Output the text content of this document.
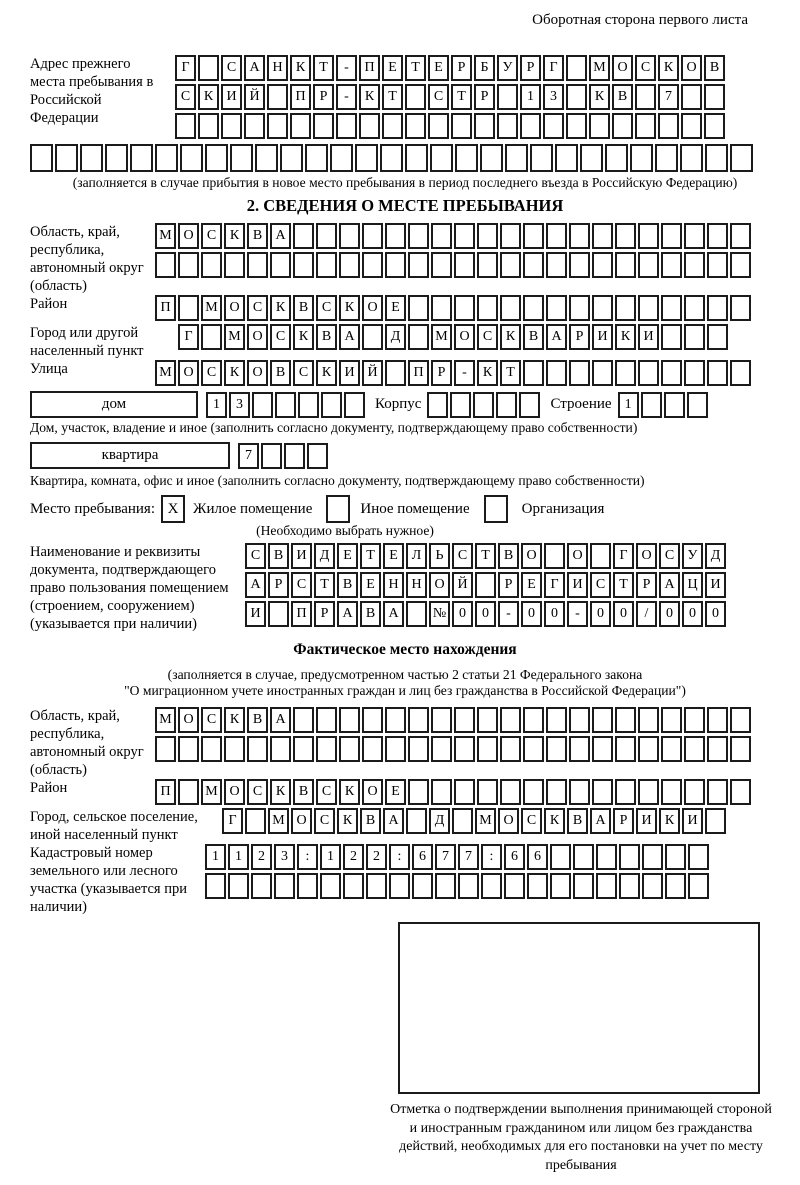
Оборотная сторона первого листа
Адрес прежнего места пребывания в Российской Федерации
Г	С А Н К	Т	-	П Е	Т	Е	Р	Б	У	Р	Г	М О С К О В
С К И Й	П	Р	-	К	Т	С	Т	Р	1	3	К В	7
(заполняется в случае прибытия в новое место пребывания в период последнего въезда в Российскую Федерацию)
2. СВЕДЕНИЯ О МЕСТЕ ПРЕБЫВАНИЯ
Область, край, республика, автономный округ (область)
М О С К В А
Район	П	М О С К В С К О Е
Город или другой населенный пункт
Г	М О С К В А	Д	М О С К В А	Р	И К И
Улица	М О С К О В С К И Й	П	Р	-	К	Т
дом	1	3	Корпус	Строение 1
Дом, участок, владение и иное (заполнить согласно документу, подтверждающему право собственности)
квартира	7
Квартира, комната, офис и иное (заполнить согласно документу, подтверждающему право собственности)
Место пребывания: Х Жилое помещение	Иное помещение	Организация
(Необходимо выбрать нужное)
Наименование и реквизиты документа, подтверждающего право пользования помещением (строением, сооружением) (указывается при наличии)
С В И Д Е	Т	Е Л	Ь	С	Т	В О	О	Г О С У Д
А	Р	С	Т	В	Е Н Н О Й	Р	Е	Г И С	Т	Р	А Ц И
И	П	Р	А В А	№ 0	0	-	0	0	-	0	0	/	0	0	0
Фактическое место нахождения
(заполняется в случае, предусмотренном частью 2 статьи 21 Федерального закона
"О миграционном учете иностранных граждан и лиц без гражданства в Российской Федерации")
Область, край, республика, автономный округ (область)
М О С К В А
Район	П	М О С К В С К О Е
Город, сельское поселение, иной населенный пункт
Г	М О С К В А	Д	М О С К В А	Р	И К И
Кадастровый номер земельного или лесного участка (указывается при наличии)
1	1	2	3	:	1	2	2	:	6	7	7	:	6	6
Отметка о подтверждении выполнения принимающей стороной и иностранным гражданином или лицом без гражданства действий, необходимых для его постановки на учет по месту пребывания
